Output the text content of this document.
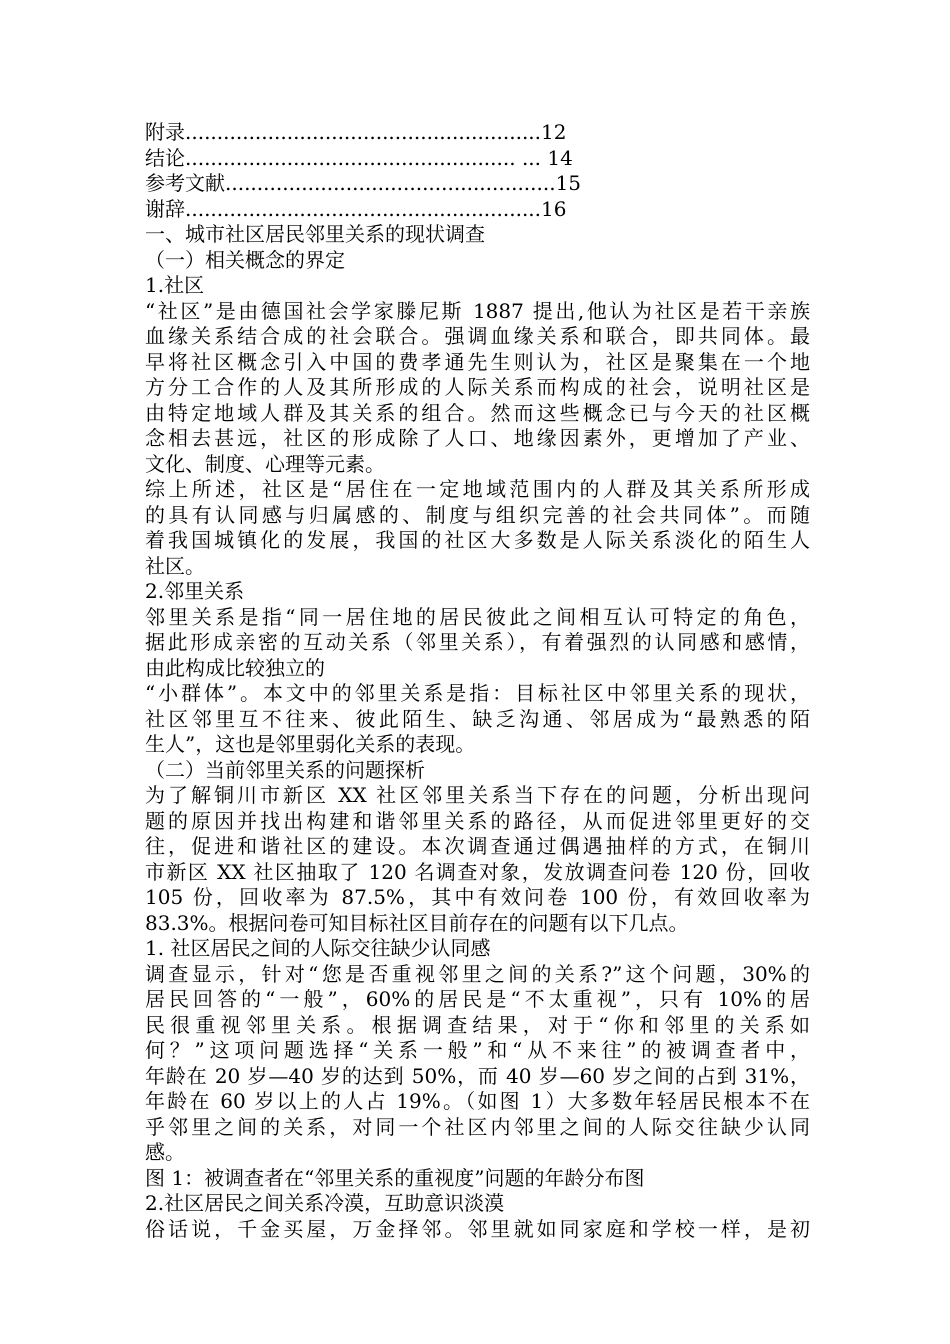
附录........................................................12

结论.................................................... ... 14

参考文献....................................................15

谢辞........................................................16

一、城市社区居民邻里关系的现状调查

（一）相关概念的界定

1.社区

“社区”是由德国社会学家滕尼斯 1887 提出,他认为社区是若干亲族

血缘关系结合成的社会联合。强调血缘关系和联合，即共同体。最

早将社区概念引入中国的费孝通先生则认为，社区是聚集在一个地

方分工合作的人及其所形成的人际关系而构成的社会，说明社区是

由特定地域人群及其关系的组合。然而这些概念已与今天的社区概

念相去甚远，社区的形成除了人口、地缘因素外，更增加了产业、

文化、制度、心理等元素。

综上所述，社区是“居住在一定地域范围内的人群及其关系所形成

的具有认同感与归属感的、制度与组织完善的社会共同体”。而随

着我国城镇化的发展，我国的社区大多数是人际关系淡化的陌生人

社区。

2.邻里关系

邻里关系是指“同一居住地的居民彼此之间相互认可特定的角色，

据此形成亲密的互动关系（邻里关系），有着强烈的认同感和感情，

由此构成比较独立的

“小群体”。本文中的邻里关系是指：目标社区中邻里关系的现状，

社区邻里互不往来、彼此陌生、缺乏沟通、邻居成为“最熟悉的陌

生人”，这也是邻里弱化关系的表现。

（二）当前邻里关系的问题探析

为了解铜川市新区 XX 社区邻里关系当下存在的问题，分析出现问

题的原因并找出构建和谐邻里关系的路径，从而促进邻里更好的交

往，促进和谐社区的建设。本次调查通过偶遇抽样的方式，在铜川

市新区 XX 社区抽取了 120 名调查对象，发放调查问卷 120 份，回收

105 份，回收率为 87.5%，其中有效问卷 100 份，有效回收率为

83.3%。根据问卷可知目标社区目前存在的问题有以下几点。

1. 社区居民之间的人际交往缺少认同感

调查显示，针对“您是否重视邻里之间的关系?”这个问题，30%的

居民回答的“一般”，60%的居民是“不太重视”，只有 10%的居

民很重视邻里关系。根据调查结果，对于“你和邻里的关系如

何？”这项问题选择“关系一般”和“从不来往”的被调查者中，

年龄在 20 岁—40 岁的达到 50%，而 40 岁—60 岁之间的占到 31%，

年龄在 60 岁以上的人占 19%。（如图 1）大多数年轻居民根本不在

乎邻里之间的关系，对同一个社区内邻里之间的人际交往缺少认同

感。

图 1：被调查者在“邻里关系的重视度”问题的年龄分布图

2.社区居民之间关系冷漠，互助意识淡漠

俗话说，千金买屋，万金择邻。邻里就如同家庭和学校一样，是初
